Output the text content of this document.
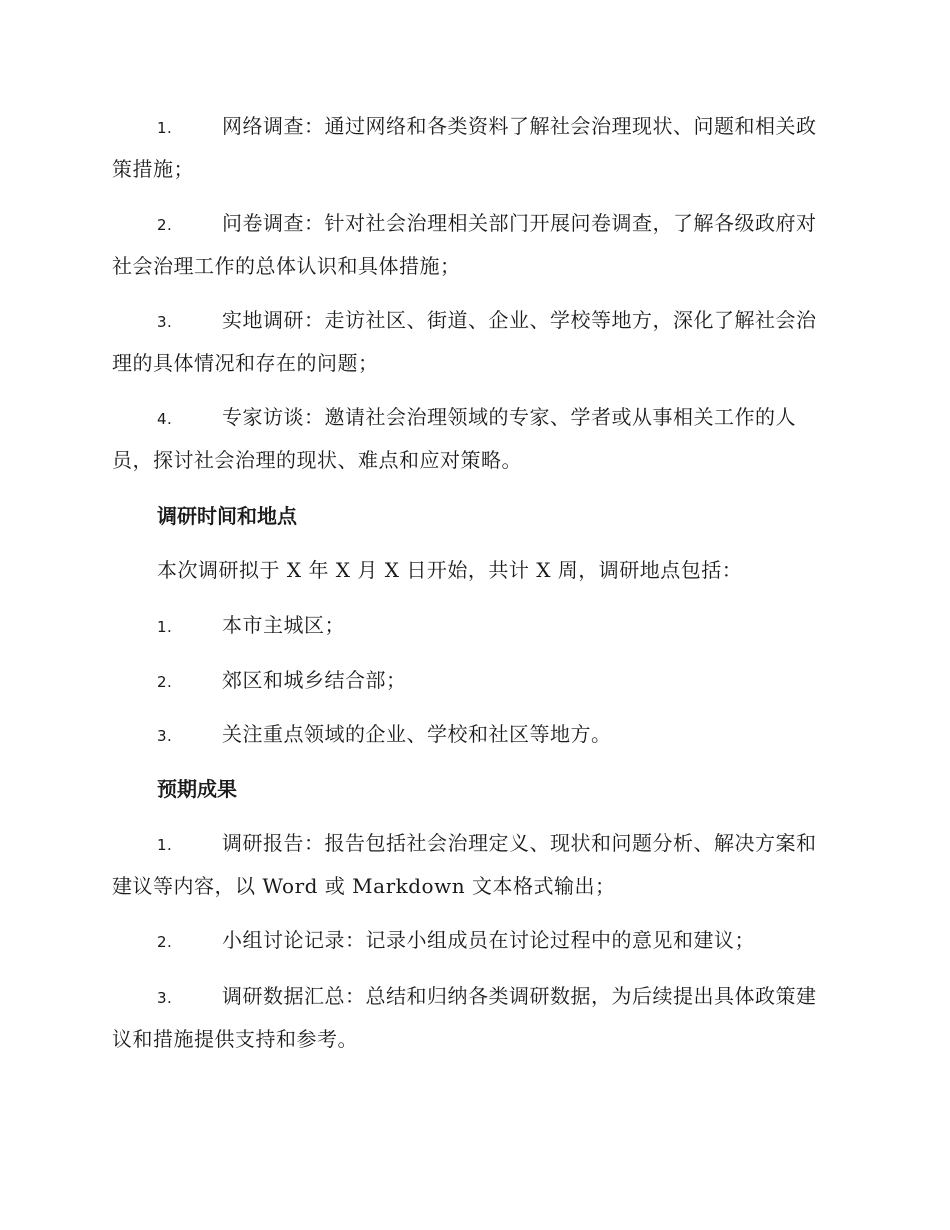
1. 网络调查：通过网络和各类资料了解社会治理现状、问题和相关政策措施；
2. 问卷调查：针对社会治理相关部门开展问卷调查，了解各级政府对社会治理工作的总体认识和具体措施；
3. 实地调研：走访社区、街道、企业、学校等地方，深化了解社会治理的具体情况和存在的问题；
4. 专家访谈：邀请社会治理领域的专家、学者或从事相关工作的人员，探讨社会治理的现状、难点和应对策略。
调研时间和地点
本次调研拟于 X 年 X 月 X 日开始，共计 X 周，调研地点包括：
1. 本市主城区；
2. 郊区和城乡结合部；
3. 关注重点领域的企业、学校和社区等地方。
预期成果
1. 调研报告：报告包括社会治理定义、现状和问题分析、解决方案和建议等内容，以 Word 或 Markdown 文本格式输出；
2. 小组讨论记录：记录小组成员在讨论过程中的意见和建议；
3. 调研数据汇总：总结和归纳各类调研数据，为后续提出具体政策建议和措施提供支持和参考。
